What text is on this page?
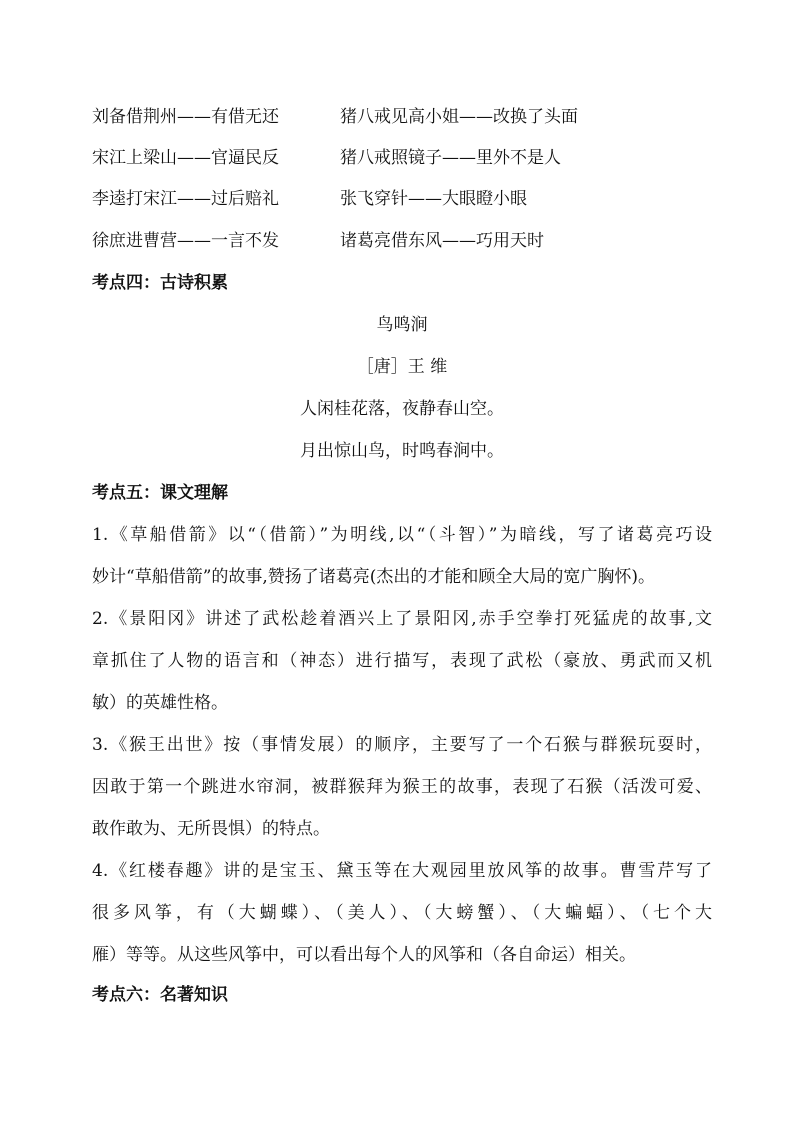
刘备借荆州——有借无还	猪八戒见高小姐——改换了头面
宋江上梁山——官逼民反	猪八戒照镜子——里外不是人
李逵打宋江——过后赔礼	张飞穿针——大眼瞪小眼
徐庶进曹营——一言不发	诸葛亮借东风——巧用天时
考点四：古诗积累
鸟鸣涧
［唐］王 维
人闲桂花落，夜静春山空。
月出惊山鸟，时鸣春涧中。
考点五：课文理解
1.《草船借箭》以“（借箭）”为明线,以“（斗智）”为暗线，写了诸葛亮巧设
妙计“草船借箭”的故事,赞扬了诸葛亮(杰出的才能和顾全大局的宽广胸怀)。
2.《景阳冈》讲述了武松趁着酒兴上了景阳冈,赤手空拳打死猛虎的故事,文
章抓住了人物的语言和（神态）进行描写，表现了武松（豪放、勇武而又机
敏）的英雄性格。
3.《猴王出世》按（事情发展）的顺序，主要写了一个石猴与群猴玩耍时，
因敢于第一个跳进水帘洞，被群猴拜为猴王的故事，表现了石猴（活泼可爱、
敢作敢为、无所畏惧）的特点。
4.《红楼春趣》讲的是宝玉、黛玉等在大观园里放风筝的故事。曹雪芹写了
很多风筝，有（大蝴蝶）、（美人）、（大螃蟹）、（大蝙蝠）、（七个大
雁）等等。从这些风筝中，可以看出每个人的风筝和（各自命运）相关。
考点六：名著知识
